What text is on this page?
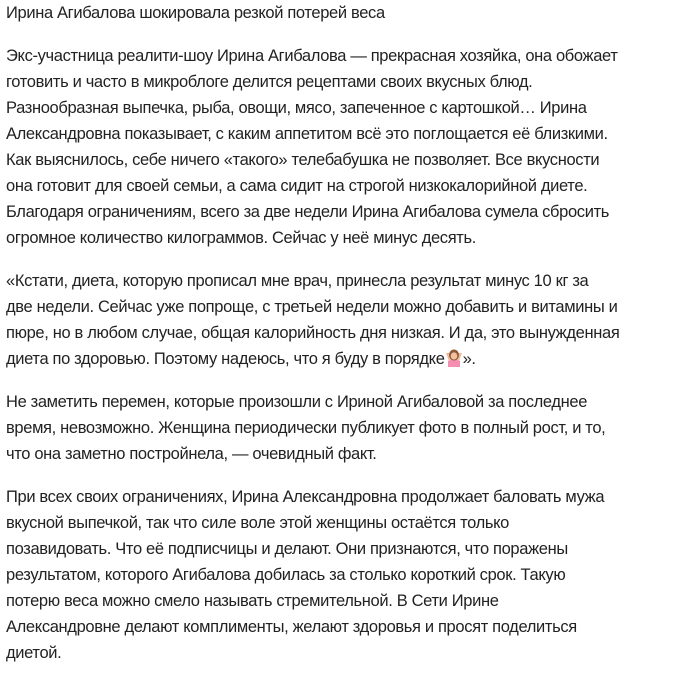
Ирина Агибалова шокировала резкой потерей веса
Экс-участница реалити-шоу Ирина Агибалова — прекрасная хозяйка, она обожает
готовить и часто в микроблоге делится рецептами своих вкусных блюд.
Разнообразная выпечка, рыба, овощи, мясо, запеченное с картошкой… Ирина
Александровна показывает, с каким аппетитом всё это поглощается её близкими.
Как выяснилось, себе ничего «такого» телебабушка не позволяет. Все вкусности
она готовит для своей семьи, а сама сидит на строгой низкокалорийной диете.
Благодаря ограничениям, всего за две недели Ирина Агибалова сумела сбросить
огромное количество килограммов. Сейчас у неё минус десять.
«Кстати, диета, которую прописал мне врач, принесла результат минус 10 кг за
две недели. Сейчас уже попроще, с третьей недели можно добавить и витамины и
пюре, но в любом случае, общая калорийность дня низкая. И да, это вынужденная
диета по здоровью. Поэтому надеюсь, что я буду в порядке ».
Не заметить перемен, которые произошли с Ириной Агибаловой за последнее
время, невозможно. Женщина периодически публикует фото в полный рост, и то,
что она заметно постройнела, — очевидный факт.
При всех своих ограничениях, Ирина Александровна продолжает баловать мужа
вкусной выпечкой, так что силе воле этой женщины остаётся только
позавидовать. Что её подписчицы и делают. Они признаются, что поражены
результатом, которого Агибалова добилась за столько короткий срок. Такую
потерю веса можно смело называть стремительной. В Сети Ирине
Александровне делают комплименты, желают здоровья и просят поделиться
диетой.
